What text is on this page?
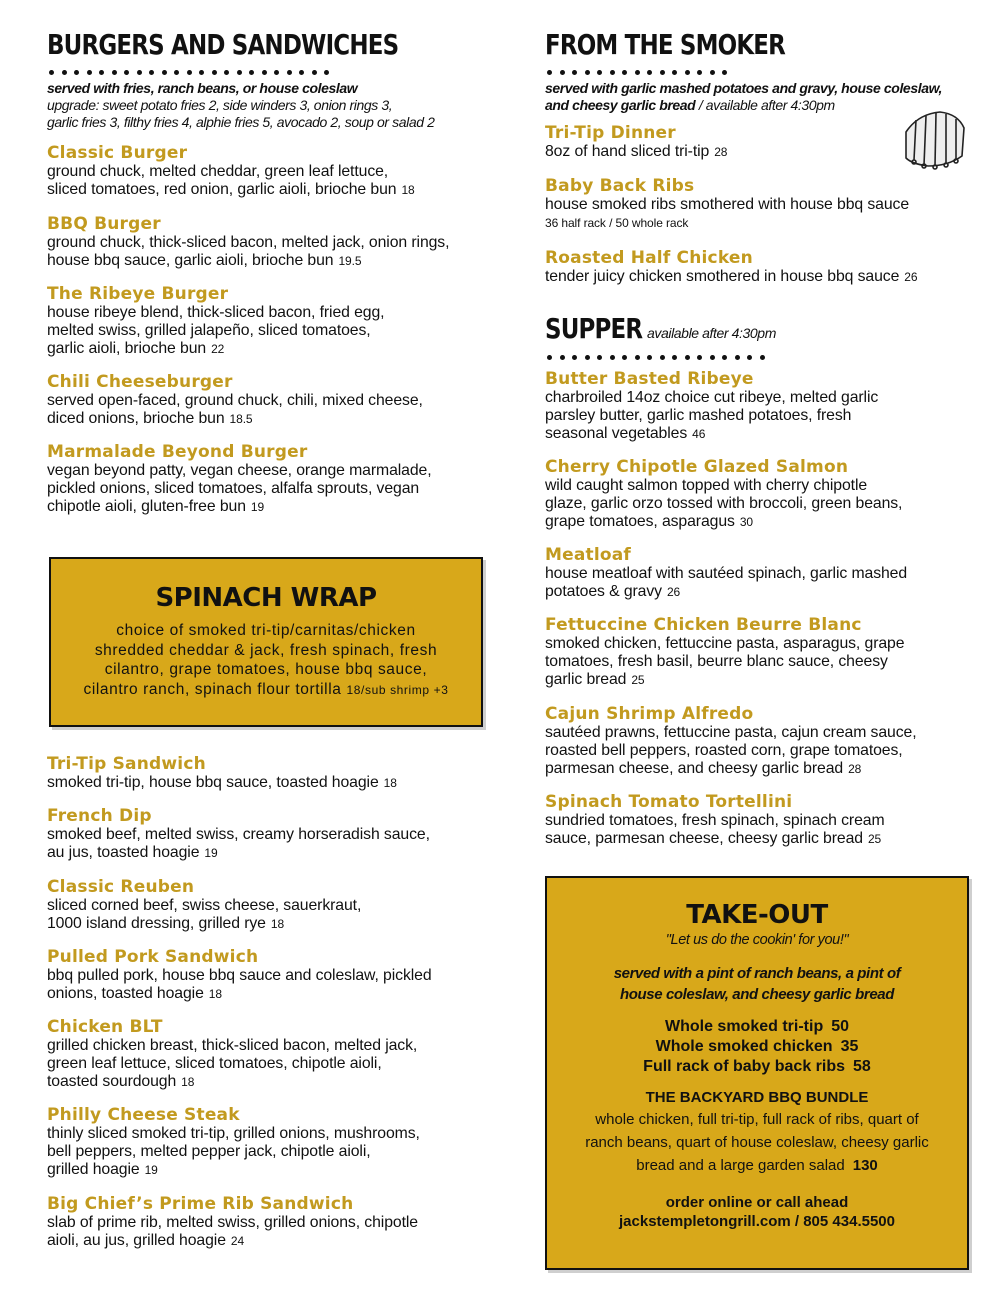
BURGERS AND SANDWICHES
served with fries, ranch beans, or house coleslaw
upgrade: sweet potato fries 2, side winders 3, onion rings 3,
garlic fries 3, filthy fries 4, alphie fries 5, avocado 2, soup or salad 2
Classic Burger
ground chuck, melted cheddar, green leaf lettuce,
sliced tomatoes, red onion, garlic aioli, brioche bun 18
BBQ Burger
ground chuck, thick-sliced bacon, melted jack, onion rings,
house bbq sauce, garlic aioli, brioche bun 19.5
The Ribeye Burger
house ribeye blend, thick-sliced bacon, fried egg,
melted swiss, grilled jalapeño, sliced tomatoes,
garlic aioli, brioche bun 22
Chili Cheeseburger
served open-faced, ground chuck, chili, mixed cheese,
diced onions, brioche bun 18.5
Marmalade Beyond Burger
vegan beyond patty, vegan cheese, orange marmalade,
pickled onions, sliced tomatoes, alfalfa sprouts, vegan
chipotle aioli, gluten-free bun 19
SPINACH WRAP
choice of smoked tri-tip/carnitas/chicken
shredded cheddar & jack, fresh spinach, fresh
cilantro, grape tomatoes, house bbq sauce,
cilantro ranch, spinach flour tortilla 18/sub shrimp +3
Tri-Tip Sandwich
smoked tri-tip, house bbq sauce, toasted hoagie 18
French Dip
smoked beef, melted swiss, creamy horseradish sauce,
au jus, toasted hoagie 19
Classic Reuben
sliced corned beef, swiss cheese, sauerkraut,
1000 island dressing, grilled rye 18
Pulled Pork Sandwich
bbq pulled pork, house bbq sauce and coleslaw, pickled
onions, toasted hoagie 18
Chicken BLT
grilled chicken breast, thick-sliced bacon, melted jack,
green leaf lettuce, sliced tomatoes, chipotle aioli,
toasted sourdough 18
Philly Cheese Steak
thinly sliced smoked tri-tip, grilled onions, mushrooms,
bell peppers, melted pepper jack, chipotle aioli,
grilled hoagie 19
Big Chief’s Prime Rib Sandwich
slab of prime rib, melted swiss, grilled onions, chipotle
aioli, au jus, grilled hoagie 24
FROM THE SMOKER
served with garlic mashed potatoes and gravy, house coleslaw,
and cheesy garlic bread / available after 4:30pm
Tri-Tip Dinner
8oz of hand sliced tri-tip 28
Baby Back Ribs
house smoked ribs smothered with house bbq sauce
36 half rack / 50 whole rack
Roasted Half Chicken
tender juicy chicken smothered in house bbq sauce 26
SUPPER available after 4:30pm
Butter Basted Ribeye
charbroiled 14oz choice cut ribeye, melted garlic
parsley butter, garlic mashed potatoes, fresh
seasonal vegetables 46
Cherry Chipotle Glazed Salmon
wild caught salmon topped with cherry chipotle
glaze, garlic orzo tossed with broccoli, green beans,
grape tomatoes, asparagus 30
Meatloaf
house meatloaf with sautéed spinach, garlic mashed
potatoes & gravy 26
Fettuccine Chicken Beurre Blanc
smoked chicken, fettuccine pasta, asparagus, grape
tomatoes, fresh basil, beurre blanc sauce, cheesy
garlic bread 25
Cajun Shrimp Alfredo
sautéed prawns, fettuccine pasta, cajun cream sauce,
roasted bell peppers, roasted corn, grape tomatoes,
parmesan cheese, and cheesy garlic bread 28
Spinach Tomato Tortellini
sundried tomatoes, fresh spinach, spinach cream
sauce, parmesan cheese, cheesy garlic bread 25
TAKE-OUT
"Let us do the cookin' for you!"
served with a pint of ranch beans, a pint of
house coleslaw, and cheesy garlic bread
Whole smoked tri-tip 50
Whole smoked chicken 35
Full rack of baby back ribs 58
THE BACKYARD BBQ BUNDLE
whole chicken, full tri-tip, full rack of ribs, quart of
ranch beans, quart of house coleslaw, cheesy garlic
bread and a large garden salad 130
order online or call ahead
jackstempletongrill.com / 805 434.5500
